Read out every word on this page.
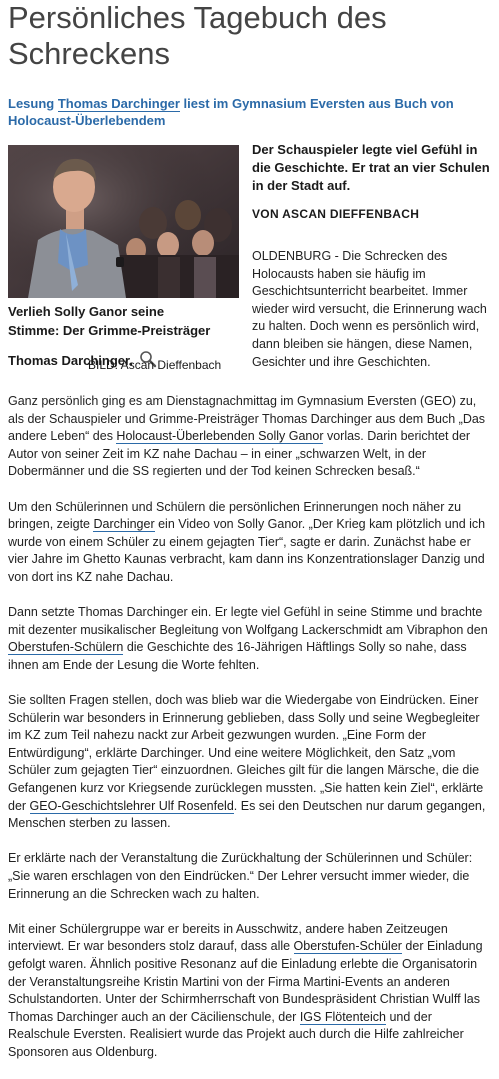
Persönliches Tagebuch des Schreckens

Lesung Thomas Darchinger liest im Gymnasium Eversten aus Buch von Holocaust-Überlebendem

Verlieh Solly Ganor seine
Stimme: Der Grimme-Preisträger
Thomas Darchinger.
BILD: Ascan Dieffenbach
Der Schauspieler legte viel Gefühl in die Geschichte. Er trat an vier Schulen in der Stadt auf.
VON ASCAN DIEFFENBACH
OLDENBURG - Die Schrecken des Holocausts haben sie häufig im Geschichtsunterricht bearbeitet. Immer wieder wird versucht, die Erinnerung wach zu halten. Doch wenn es persönlich wird, dann bleiben sie hängen, diese Namen, Gesichter und ihre Geschichten.

Ganz persönlich ging es am Dienstagnachmittag im Gymnasium Eversten (GEO) zu, als der Schauspieler und Grimme-Preisträger Thomas Darchinger aus dem Buch „Das andere Leben“ des Holocaust-Überlebenden Solly Ganor vorlas. Darin berichtet der Autor von seiner Zeit im KZ nahe Dachau – in einer „schwarzen Welt, in der Dobermänner und die SS regierten und der Tod keinen Schrecken besaß.“

Um den Schülerinnen und Schülern die persönlichen Erinnerungen noch näher zu bringen, zeigte Darchinger ein Video von Solly Ganor. „Der Krieg kam plötzlich und ich wurde von einem Schüler zu einem gejagten Tier“, sagte er darin. Zunächst habe er vier Jahre im Ghetto Kaunas verbracht, kam dann ins Konzentrationslager Danzig und von dort ins KZ nahe Dachau.

Dann setzte Thomas Darchinger ein. Er legte viel Gefühl in seine Stimme und brachte mit dezenter musikalischer Begleitung von Wolfgang Lackerschmidt am Vibraphon den Oberstufen-Schülern die Geschichte des 16-Jährigen Häftlings Solly so nahe, dass ihnen am Ende der Lesung die Worte fehlten.

Sie sollten Fragen stellen, doch was blieb war die Wiedergabe von Eindrücken. Einer Schülerin war besonders in Erinnerung geblieben, dass Solly und seine Wegbegleiter im KZ zum Teil nahezu nackt zur Arbeit gezwungen wurden. „Eine Form der Entwürdigung“, erklärte Darchinger. Und eine weitere Möglichkeit, den Satz „vom Schüler zum gejagten Tier“ einzuordnen. Gleiches gilt für die langen Märsche, die die Gefangenen kurz vor Kriegsende zurücklegen mussten. „Sie hatten kein Ziel“, erklärte der GEO-Geschichtslehrer Ulf Rosenfeld. Es sei den Deutschen nur darum gegangen, Menschen sterben zu lassen.

Er erklärte nach der Veranstaltung die Zurückhaltung der Schülerinnen und Schüler: „Sie waren erschlagen von den Eindrücken.“ Der Lehrer versucht immer wieder, die Erinnerung an die Schrecken wach zu halten.

Mit einer Schülergruppe war er bereits in Ausschwitz, andere haben Zeitzeugen interviewt. Er war besonders stolz darauf, dass alle Oberstufen-Schüler der Einladung gefolgt waren. Ähnlich positive Resonanz auf die Einladung erlebte die Organisatorin der Veranstaltungsreihe Kristin Martini von der Firma Martini-Events an anderen Schulstandorten. Unter der Schirmherrschaft von Bundespräsident Christian Wulff las Thomas Darchinger auch an der Cäcilienschule, der IGS Flötenteich und der Realschule Eversten. Realisiert wurde das Projekt auch durch die Hilfe zahlreicher Sponsoren aus Oldenburg.
